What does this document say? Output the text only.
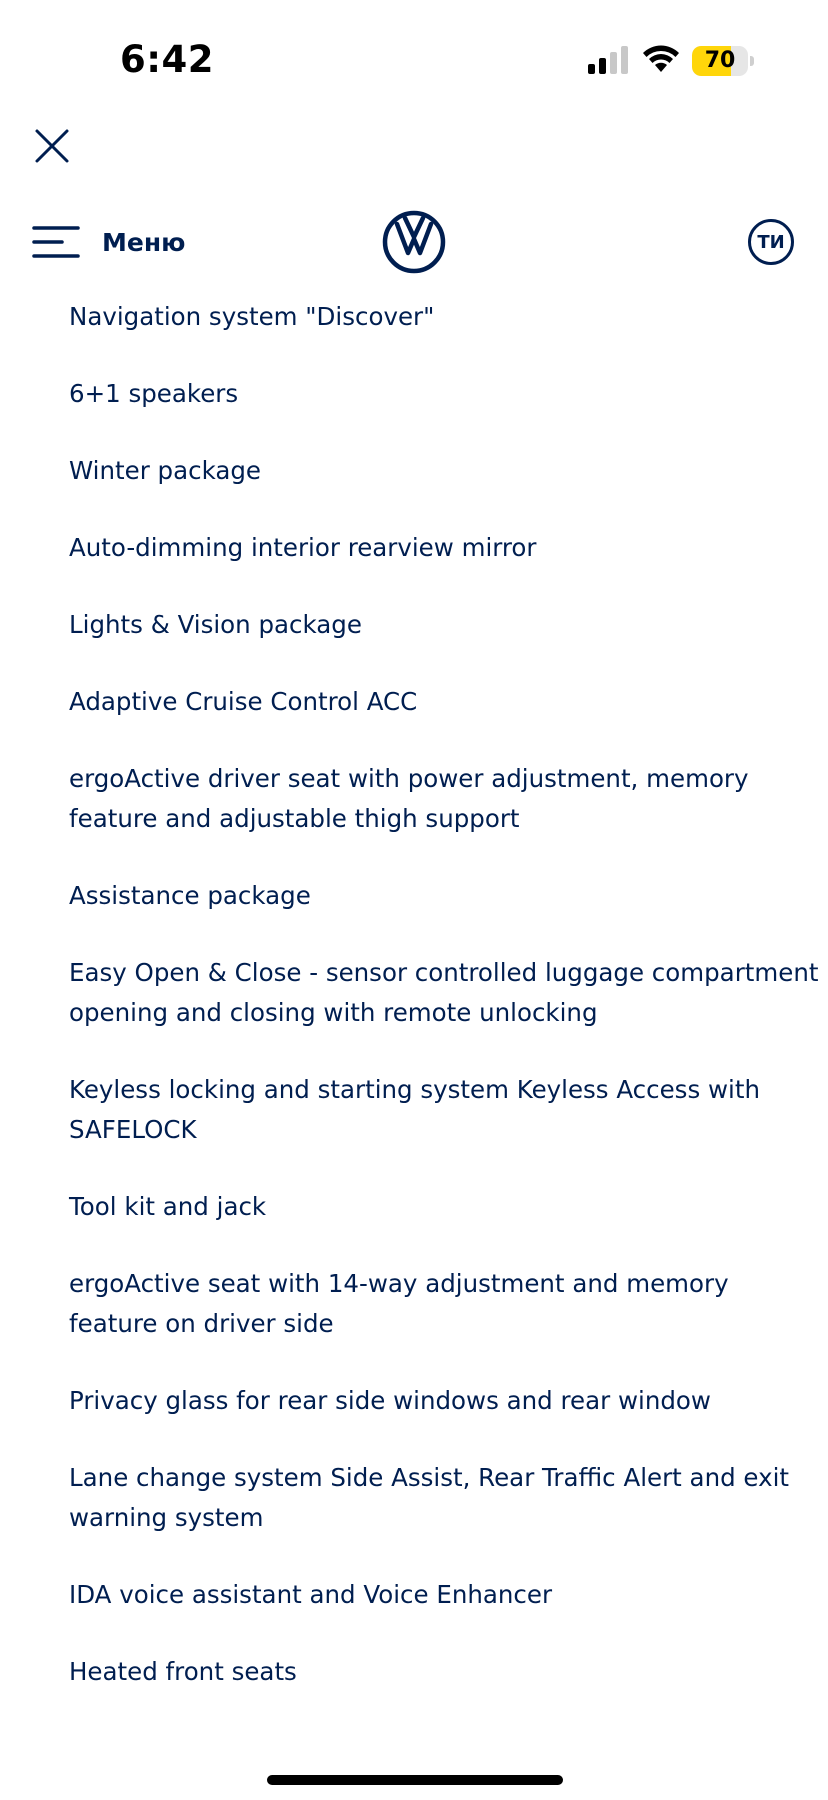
6:42	70
Меню	ТИ
Navigation system "Discover"
6+1 speakers
Winter package
Auto-dimming interior rearview mirror
Lights & Vision package
Adaptive Cruise Control ACC
ergoActive driver seat with power adjustment, memory feature and adjustable thigh support
Assistance package
Easy Open & Close - sensor controlled luggage compartment opening and closing with remote unlocking
Keyless locking and starting system Keyless Access with SAFELOCK
Tool kit and jack
ergoActive seat with 14-way adjustment and memory feature on driver side
Privacy glass for rear side windows and rear window
Lane change system Side Assist, Rear Traffic Alert and exit warning system
IDA voice assistant and Voice Enhancer
Heated front seats
